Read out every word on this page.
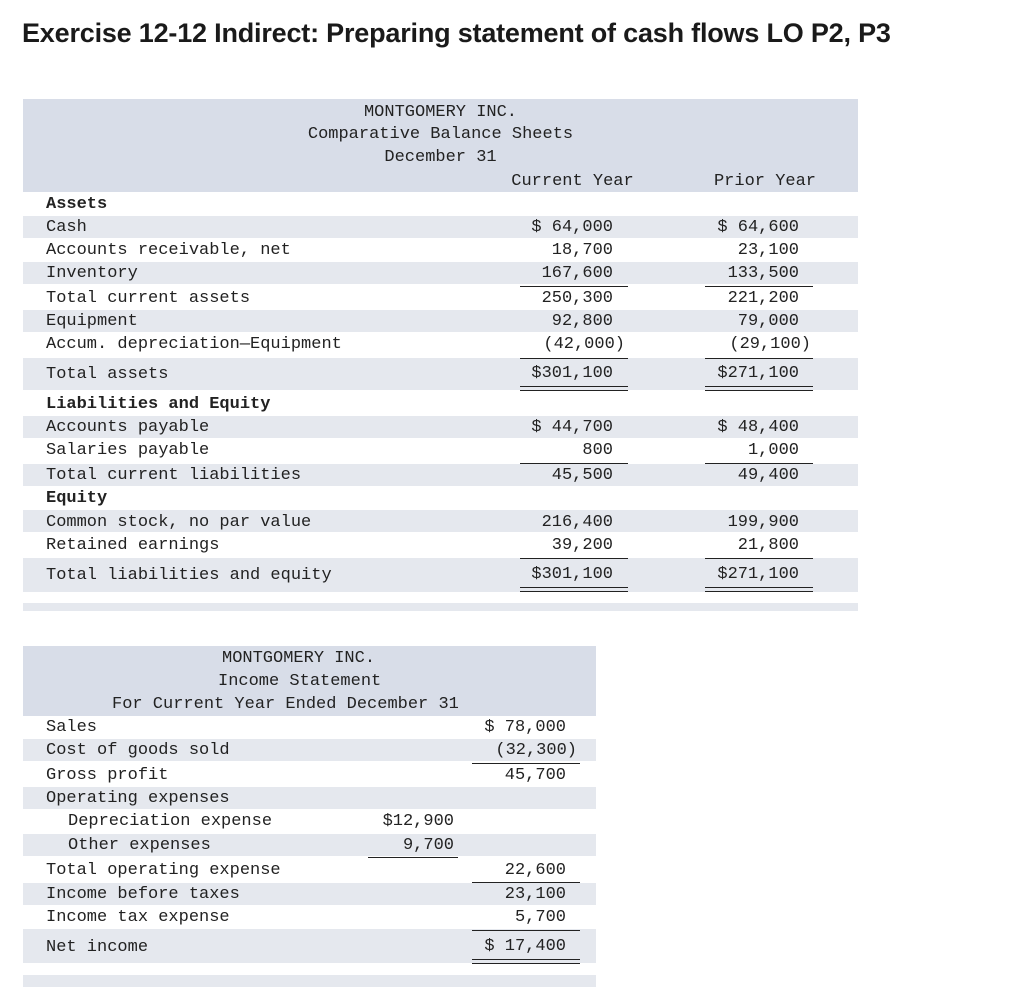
Exercise 12-12 Indirect: Preparing statement of cash flows LO P2, P3
MONTGOMERY INC.
Comparative Balance Sheets
December 31
Current Year	Prior Year
Assets
Cash	$ 64,000	$ 64,600
Accounts receivable, net	18,700	23,100
Inventory	167,600	133,500
Total current assets	250,300	221,200
Equipment	92,800	79,000
Accum. depreciation—Equipment	(42,000)	(29,100)
Total assets	$301,100	$271,100
Liabilities and Equity
Accounts payable	$ 44,700	$ 48,400
Salaries payable	800	1,000
Total current liabilities	45,500	49,400
Equity
Common stock, no par value	216,400	199,900
Retained earnings	39,200	21,800
Total liabilities and equity	$301,100	$271,100
MONTGOMERY INC.
Income Statement
For Current Year Ended December 31
Sales	$ 78,000
Cost of goods sold	(32,300)
Gross profit	45,700
Operating expenses
Depreciation expense	$12,900
Other expenses	9,700
Total operating expense	22,600
Income before taxes	23,100
Income tax expense	5,700
Net income	$ 17,400
